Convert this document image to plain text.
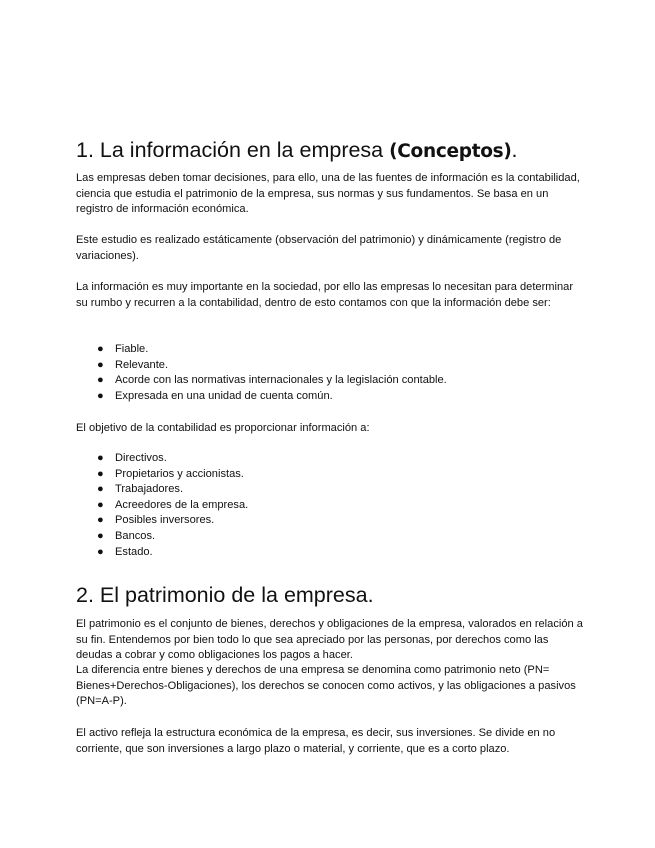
1. La información en la empresa (Conceptos).

Las empresas deben tomar decisiones, para ello, una de las fuentes de información es la contabilidad, ciencia que estudia el patrimonio de la empresa, sus normas y sus fundamentos. Se basa en un registro de información económica.

Este estudio es realizado estáticamente (observación del patrimonio) y dinámicamente (registro de variaciones).

La información es muy importante en la sociedad, por ello las empresas lo necesitan para determinar su rumbo y recurren a la contabilidad, dentro de esto contamos con que la información debe ser:

● Fiable.
● Relevante.
● Acorde con las normativas internacionales y la legislación contable.
● Expresada en una unidad de cuenta común.

El objetivo de la contabilidad es proporcionar información a:

● Directivos.
● Propietarios y accionistas.
● Trabajadores.
● Acreedores de la empresa.
● Posibles inversores.
● Bancos.
● Estado.
2. El patrimonio de la empresa.

El patrimonio es el conjunto de bienes, derechos y obligaciones de la empresa, valorados en relación a su fin. Entendemos por bien todo lo que sea apreciado por las personas, por derechos como las deudas a cobrar y como obligaciones los pagos a hacer.

La diferencia entre bienes y derechos de una empresa se denomina como patrimonio neto (PN= Bienes+Derechos-Obligaciones), los derechos se conocen como activos, y las obligaciones a pasivos (PN=A-P).

El activo refleja la estructura económica de la empresa, es decir, sus inversiones. Se divide en no corriente, que son inversiones a largo plazo o material, y corriente, que es a corto plazo.
